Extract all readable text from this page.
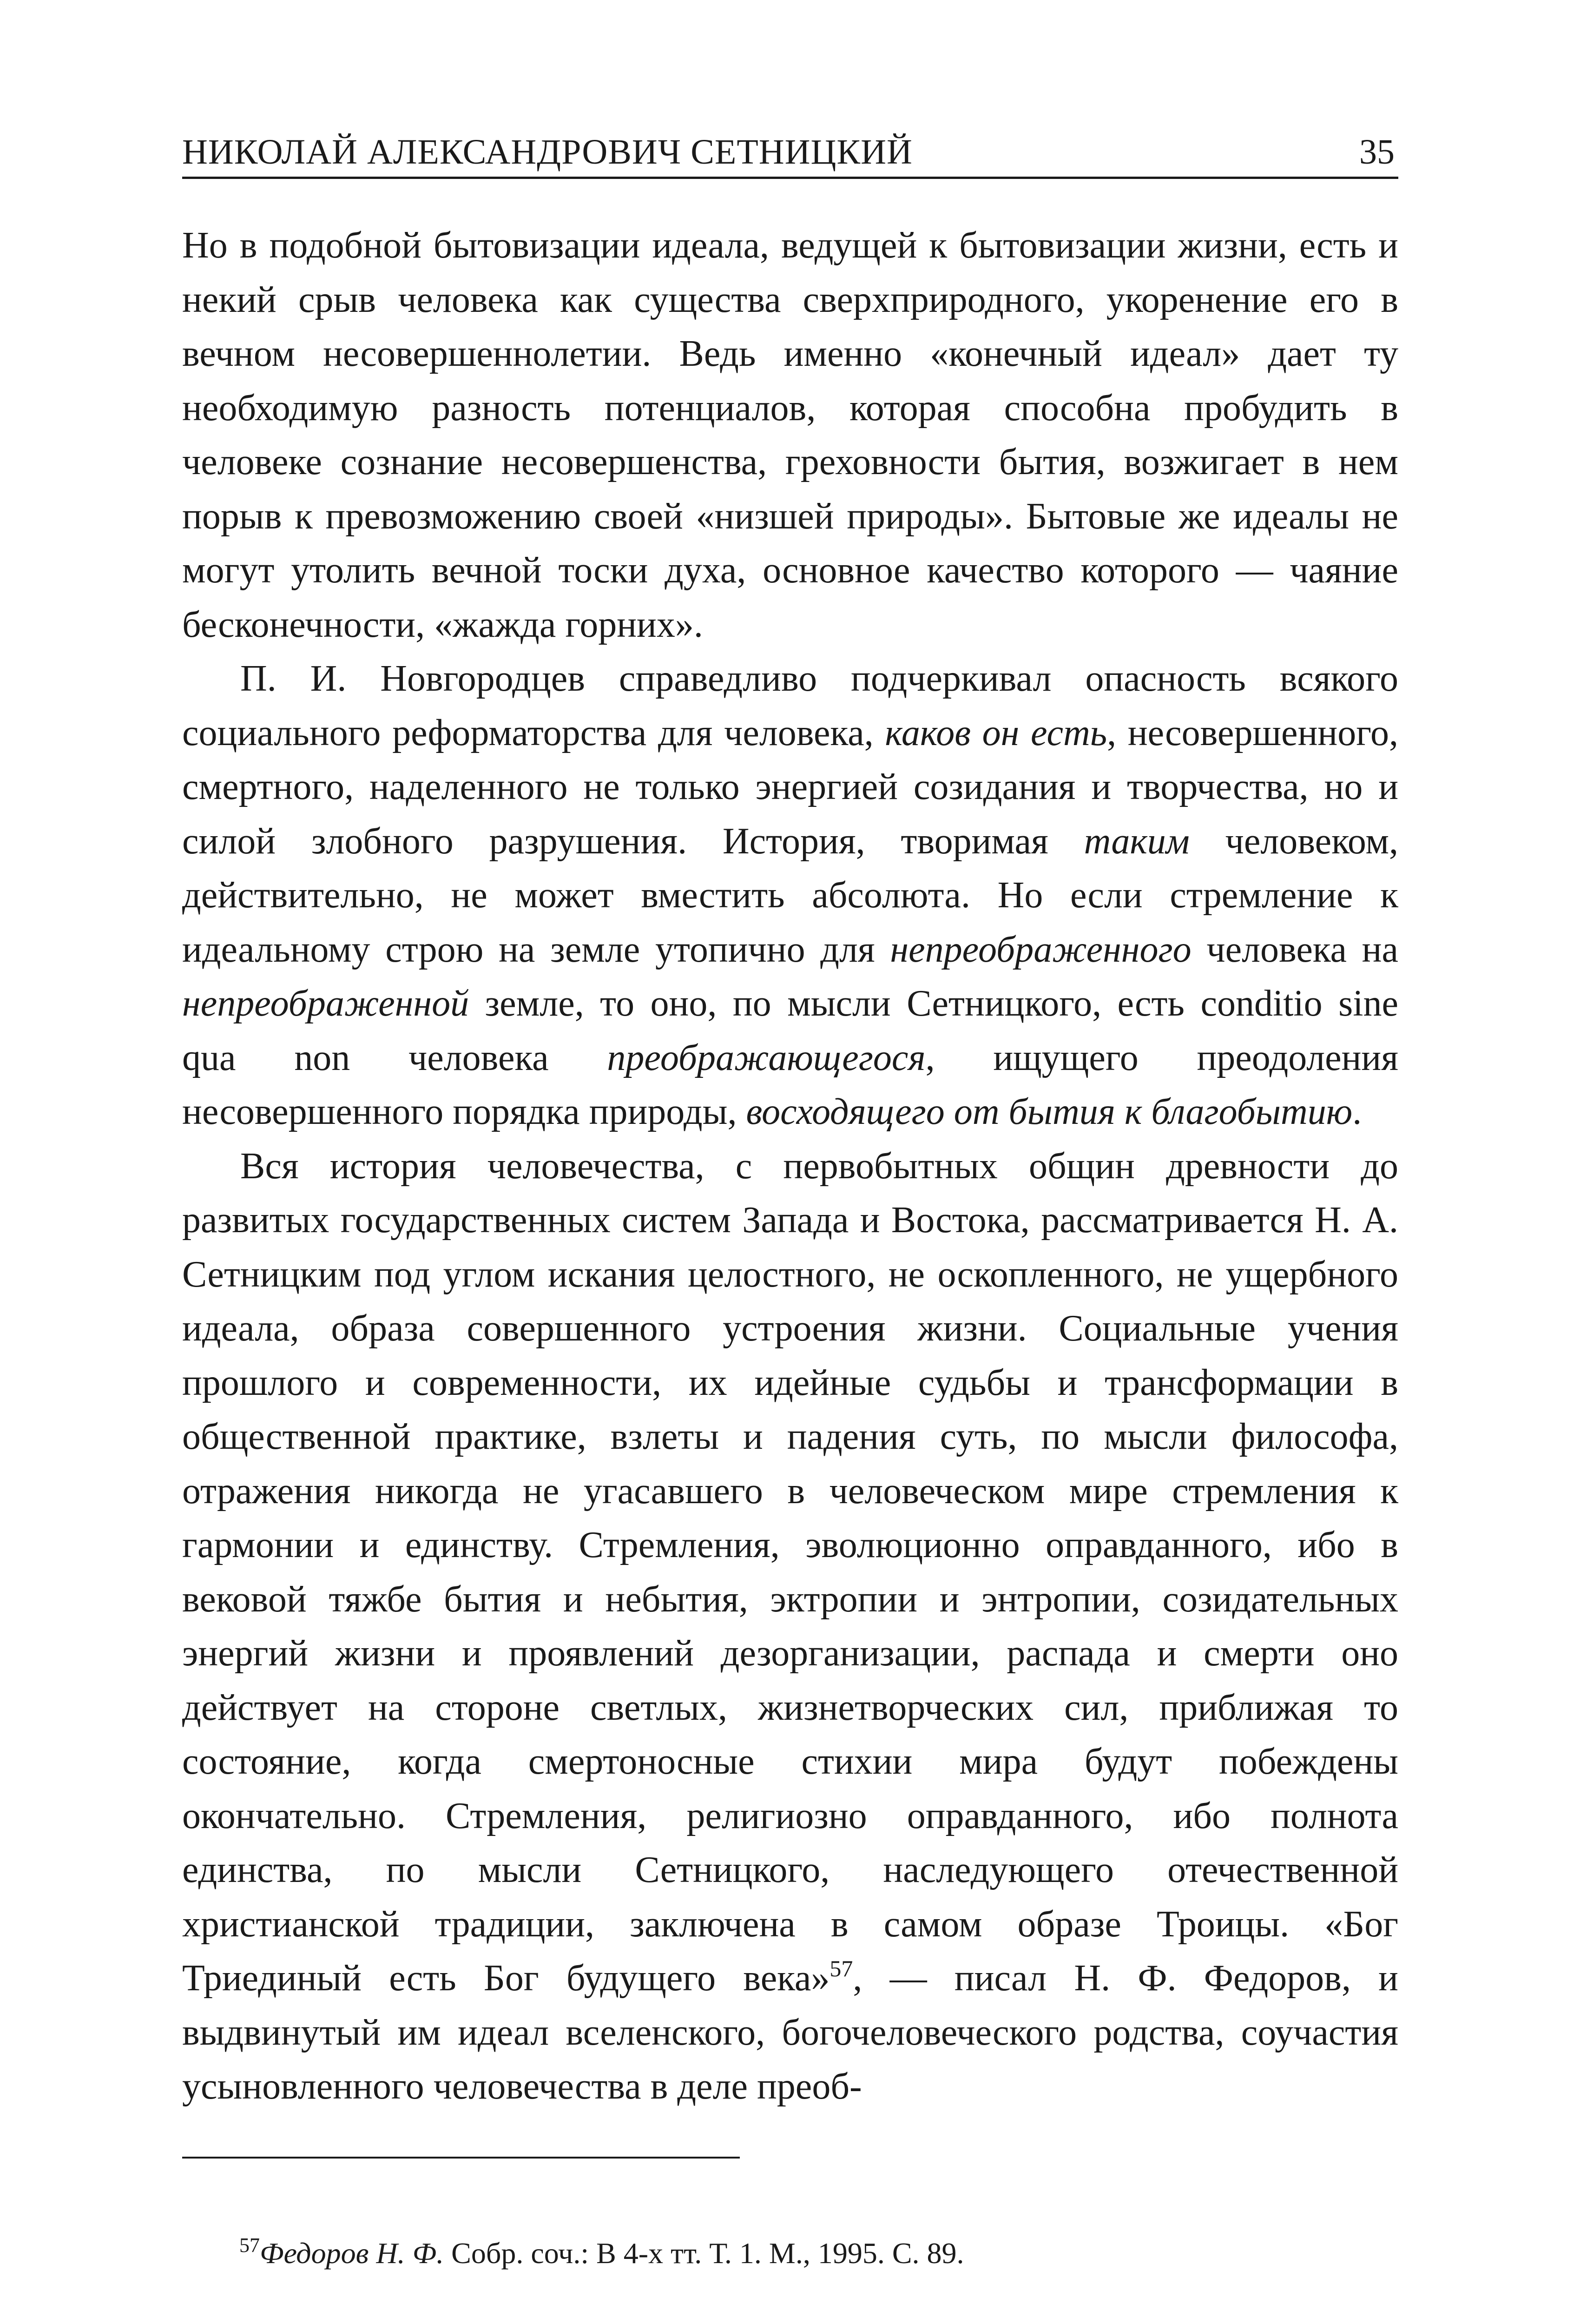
НИКОЛАЙ АЛЕКСАНДРОВИЧ СЕТНИЦКИЙ	35

Но в подобной бытовизации идеала, ведущей к бытовизации жизни, есть и некий срыв человека как существа сверхприродного, укоренение его в вечном несовершеннолетии. Ведь именно «конечный идеал» дает ту необходимую разность потенциалов, которая способна пробудить в человеке сознание несовершенства, греховности бытия, возжигает в нем порыв к превозможению своей «низшей природы». Бытовые же идеалы не могут утолить вечной тоски духа, основное качество которого — чаяние бесконечности, «жажда горних».

П. И. Новгородцев справедливо подчеркивал опасность всякого социального реформаторства для человека, каков он есть, несовершенного, смертного, наделенного не только энергией созидания и творчества, но и силой злобного разрушения. История, творимая таким человеком, действительно, не может вместить абсолюта. Но если стремление к идеальному строю на земле утопично для непреображенного человека на непреображенной земле, то оно, по мысли Сетницкого, есть conditio sine qua non человека преображающегося, ищущего преодоления несовершенного порядка природы, восходящего от бытия к благобытию.

Вся история человечества, с первобытных общин древности до развитых государственных систем Запада и Востока, рассматривается Н. А. Сетницким под углом искания целостного, не оскопленного, не ущербного идеала, образа совершенного устроения жизни. Социальные учения прошлого и современности, их идейные судьбы и трансформации в общественной практике, взлеты и падения суть, по мысли философа, отражения никогда не угасавшего в человеческом мире стремления к гармонии и единству. Стремления, эволюционно оправданного, ибо в вековой тяжбе бытия и небытия, эктропии и энтропии, созидательных энергий жизни и проявлений дезорганизации, распада и смерти оно действует на стороне светлых, жизнетворческих сил, приближая то состояние, когда смертоносные стихии мира будут побеждены окончательно. Стремления, религиозно оправданного, ибо полнота единства, по мысли Сетницкого, наследующего отечественной христианской традиции, заключена в самом образе Троицы. «Бог Триединый есть Бог будущего века»$^{57}$, — писал Н. Ф. Федоров, и выдвинутый им идеал вселенского, богочеловеческого родства, соучастия усыновленного человечества в деле преоб-

$^{57}$Федоров Н. Ф. Собр. соч.: В 4-х тт. Т. 1. М., 1995. С. 89.
